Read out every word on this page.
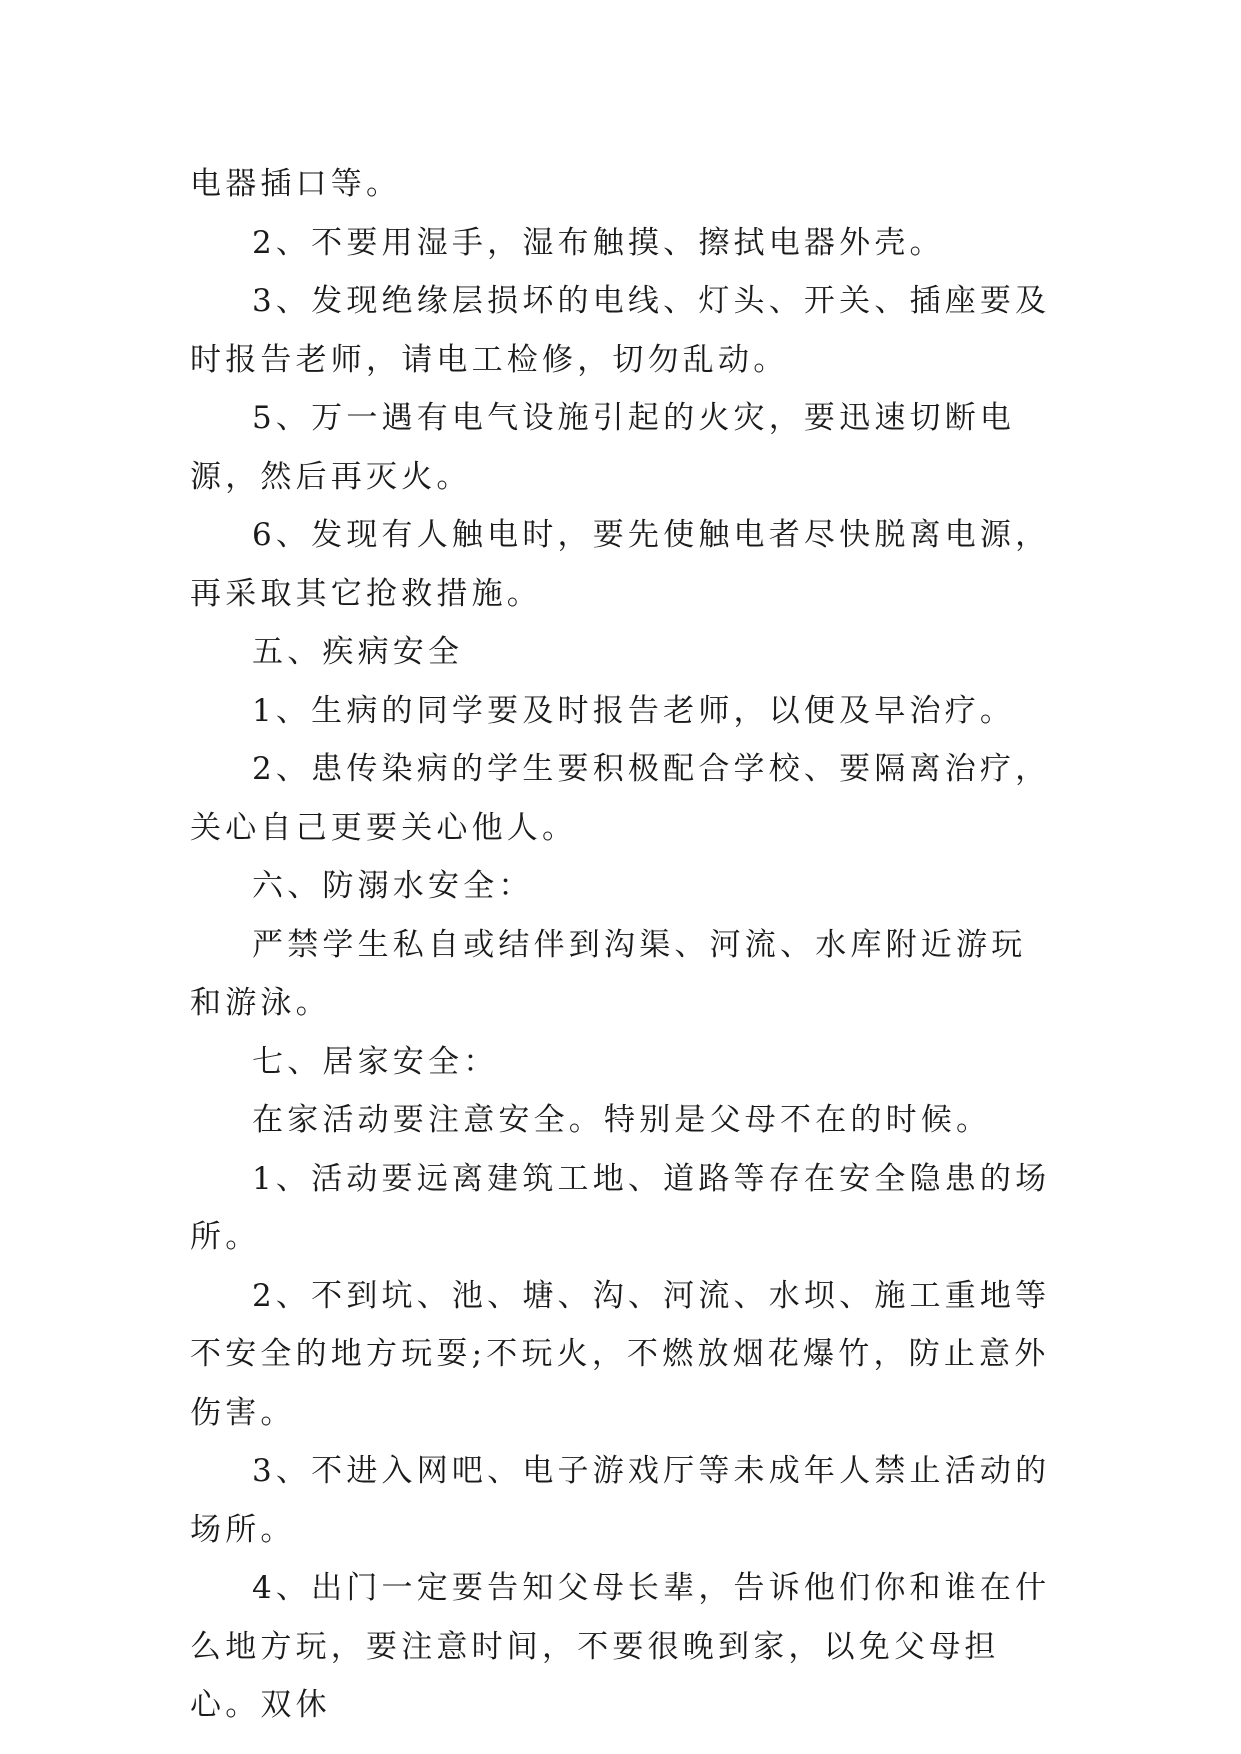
电器插口等。

2、不要用湿手，湿布触摸、擦拭电器外壳。

3、发现绝缘层损坏的电线、灯头、开关、插座要及时报告老师，请电工检修，切勿乱动。

5、万一遇有电气设施引起的火灾，要迅速切断电源，然后再灭火。

6、发现有人触电时，要先使触电者尽快脱离电源，再采取其它抢救措施。

五、疾病安全

1、生病的同学要及时报告老师，以便及早治疗。

2、患传染病的学生要积极配合学校、要隔离治疗，关心自己更要关心他人。

六、防溺水安全：

严禁学生私自或结伴到沟渠、河流、水库附近游玩和游泳。

七、居家安全：

在家活动要注意安全。特别是父母不在的时候。

1、活动要远离建筑工地、道路等存在安全隐患的场所。

2、不到坑、池、塘、沟、河流、水坝、施工重地等不安全的地方玩耍;不玩火，不燃放烟花爆竹，防止意外伤害。

3、不进入网吧、电子游戏厅等未成年人禁止活动的场所。

4、出门一定要告知父母长辈，告诉他们你和谁在什么地方玩，要注意时间，不要很晚到家，以免父母担心。双休
